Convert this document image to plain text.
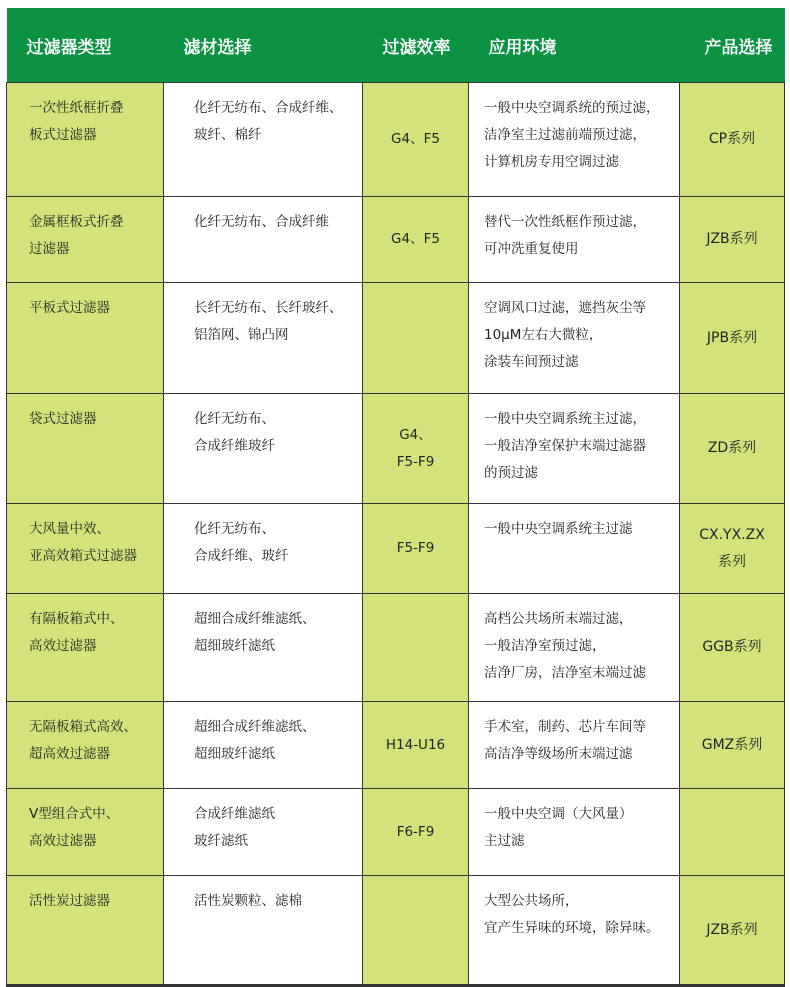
过滤器类型	滤材选择	过滤效率	应用环境	产品选择

一次性纸框折叠
板式过滤器	化纤无纺布、合成纤维、
玻纤、棉纤	G4、F5	一般中央空调系统的预过滤，
洁净室主过滤前端预过滤，
计算机房专用空调过滤	CP系列

金属框板式折叠
过滤器	化纤无纺布、合成纤维	G4、F5	替代一次性纸框作预过滤，
可冲洗重复使用	JZB系列

平板式过滤器	长纤无纺布、长纤玻纤、
铝箔网、锦凸网		空调风口过滤，遮挡灰尘等
10μM左右大微粒，
涂装车间预过滤	JPB系列

袋式过滤器	化纤无纺布、
合成纤维玻纤	G4、
F5-F9	一般中央空调系统主过滤，
一般洁净室保护末端过滤器
的预过滤	ZD系列

大风量中效、
亚高效箱式过滤器	化纤无纺布、
合成纤维、玻纤	F5-F9	一般中央空调系统主过滤	CX.YX.ZX
系列

有隔板箱式中、
高效过滤器	超细合成纤维滤纸、
超细玻纤滤纸		高档公共场所末端过滤，
一般洁净室预过滤，
洁净厂房，洁净室末端过滤	GGB系列

无隔板箱式高效、
超高效过滤器	超细合成纤维滤纸、
超细玻纤滤纸	H14-U16	手术室，制药、芯片车间等
高洁净等级场所末端过滤	GMZ系列

V型组合式中、
高效过滤器	合成纤维滤纸
玻纤滤纸	F6-F9	一般中央空调（大风量）
主过滤	

活性炭过滤器	活性炭颗粒、滤棉		大型公共场所，
宜产生异味的环境，除异味。	JZB系列
